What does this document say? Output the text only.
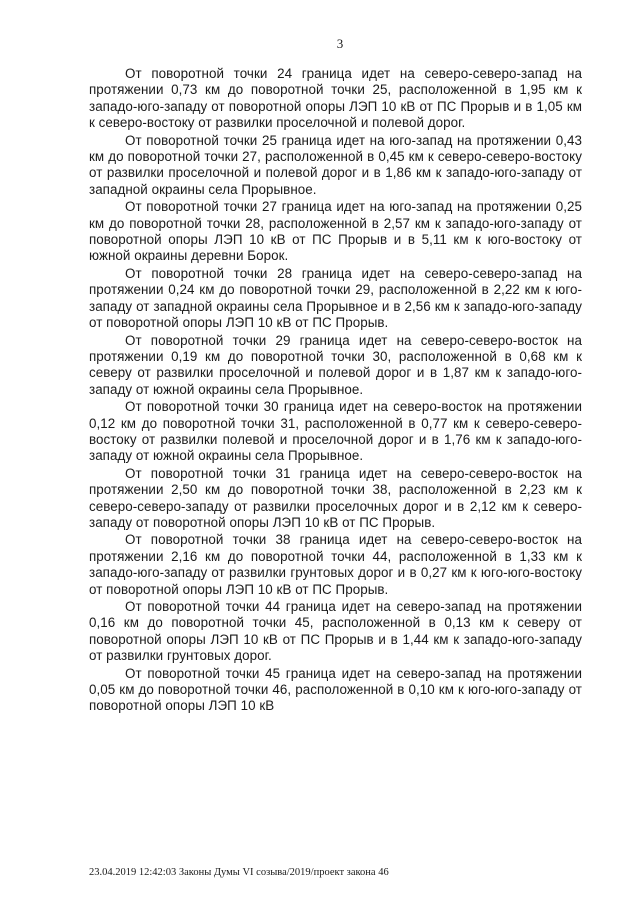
3

От поворотной точки 24 граница идет на северо-северо-запад на протяжении 0,73 км до поворотной точки 25, расположенной в 1,95 км к западо-юго-западу от поворотной опоры ЛЭП 10 кВ от ПС Прорыв и в 1,05 км к северо-востоку от развилки проселочной и полевой дорог.

От поворотной точки 25 граница идет на юго-запад на протяжении 0,43 км до поворотной точки 27, расположенной в 0,45 км к северо-северо-востоку от развилки проселочной и полевой дорог и в 1,86 км к западо-юго-западу от западной окраины села Прорывное.

От поворотной точки 27 граница идет на юго-запад на протяжении 0,25 км до поворотной точки 28, расположенной в 2,57 км к западо-юго-западу от поворотной опоры ЛЭП 10 кВ от ПС Прорыв и в 5,11 км к юго-востоку от южной окраины деревни Борок.

От поворотной точки 28 граница идет на северо-северо-запад на протяжении 0,24 км до поворотной точки 29, расположенной в 2,22 км к юго-западу от западной окраины села Прорывное и в 2,56 км к западо-юго-западу от поворотной опоры ЛЭП 10 кВ от ПС Прорыв.

От поворотной точки 29 граница идет на северо-северо-восток на протяжении 0,19 км до поворотной точки 30, расположенной в 0,68 км к северу от развилки проселочной и полевой дорог и в 1,87 км к западо-юго-западу от южной окраины села Прорывное.

От поворотной точки 30 граница идет на северо-восток на протяжении 0,12 км до поворотной точки 31, расположенной в 0,77 км к северо-северо-востоку от развилки полевой и проселочной дорог и в 1,76 км к западо-юго-западу от южной окраины села Прорывное.

От поворотной точки 31 граница идет на северо-северо-восток на протяжении 2,50 км до поворотной точки 38, расположенной в 2,23 км к северо-северо-западу от развилки проселочных дорог и в 2,12 км к северо-западу от поворотной опоры ЛЭП 10 кВ от ПС Прорыв.

От поворотной точки 38 граница идет на северо-северо-восток на протяжении 2,16 км до поворотной точки 44, расположенной в 1,33 км к западо-юго-западу от развилки грунтовых дорог и в 0,27 км к юго-юго-востоку от поворотной опоры ЛЭП 10 кВ от ПС Прорыв.

От поворотной точки 44 граница идет на северо-запад на протяжении 0,16 км до поворотной точки 45, расположенной в 0,13 км к северу от поворотной опоры ЛЭП 10 кВ от ПС Прорыв и в 1,44 км к западо-юго-западу от развилки грунтовых дорог.

От поворотной точки 45 граница идет на северо-запад на протяжении 0,05 км до поворотной точки 46, расположенной в 0,10 км к юго-юго-западу от поворотной опоры ЛЭП 10 кВ

23.04.2019 12:42:03 Законы Думы VI созыва/2019/проект закона 46
